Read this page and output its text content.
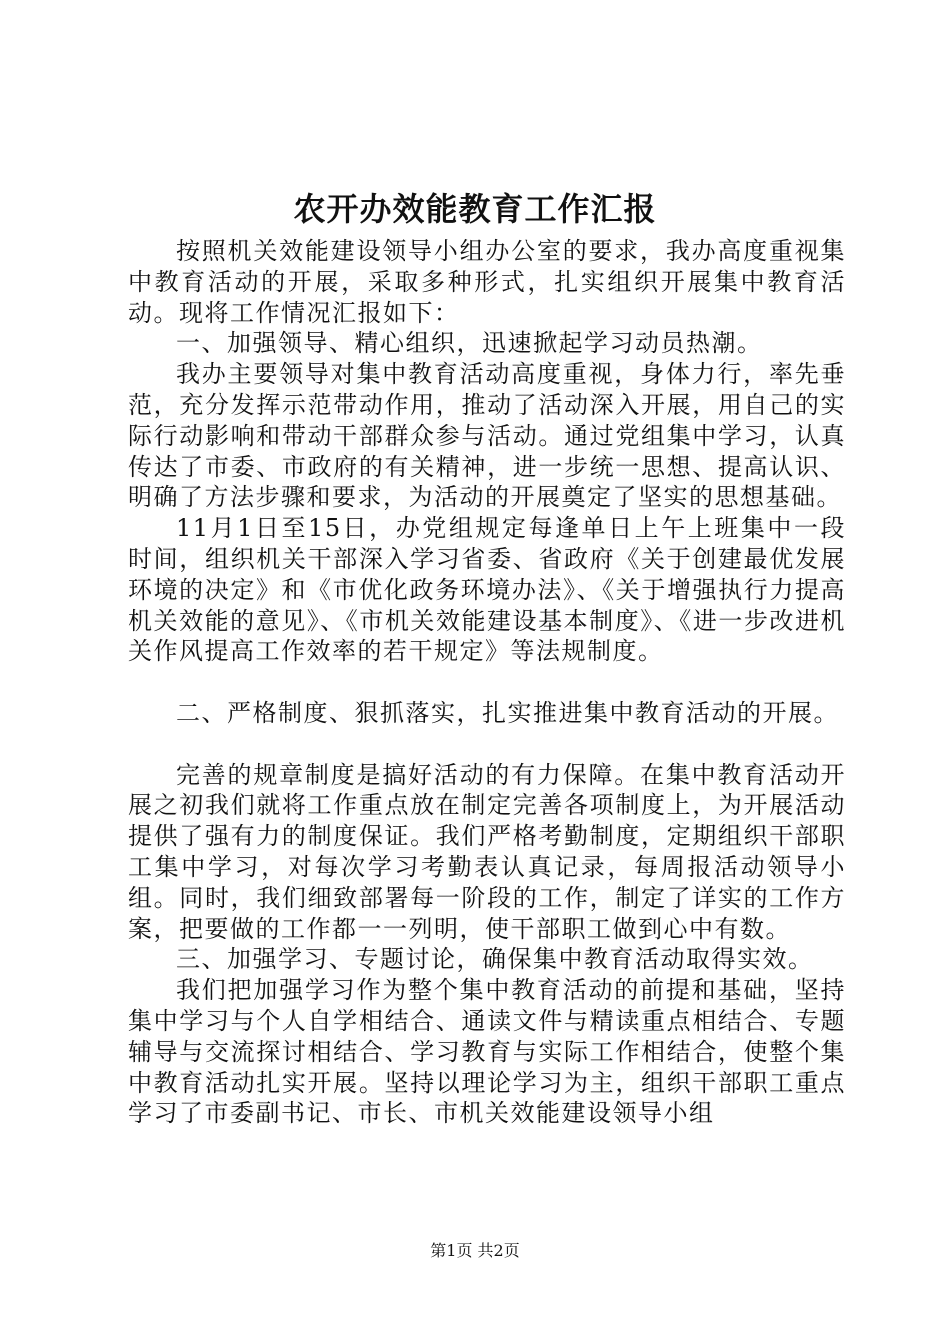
农开办效能教育工作汇报

按照机关效能建设领导小组办公室的要求，我办高度重视集中教育活动的开展，采取多种形式，扎实组织开展集中教育活动。现将工作情况汇报如下：

一、加强领导、精心组织，迅速掀起学习动员热潮。

我办主要领导对集中教育活动高度重视，身体力行，率先垂范，充分发挥示范带动作用，推动了活动深入开展，用自己的实际行动影响和带动干部群众参与活动。通过党组集中学习，认真传达了市委、市政府的有关精神，进一步统一思想、提高认识、明确了方法步骤和要求，为活动的开展奠定了坚实的思想基础。

11月1日至15日，办党组规定每逢单日上午上班集中一段时间，组织机关干部深入学习省委、省政府《关于创建最优发展环境的决定》和《市优化政务环境办法》、《关于增强执行力提高机关效能的意见》、《市机关效能建设基本制度》、《进一步改进机关作风提高工作效率的若干规定》等法规制度。

二、严格制度、狠抓落实，扎实推进集中教育活动的开展。

完善的规章制度是搞好活动的有力保障。在集中教育活动开展之初我们就将工作重点放在制定完善各项制度上，为开展活动提供了强有力的制度保证。我们严格考勤制度，定期组织干部职工集中学习，对每次学习考勤表认真记录，每周报活动领导小组。同时，我们细致部署每一阶段的工作，制定了详实的工作方案，把要做的工作都一一列明，使干部职工做到心中有数。

三、加强学习、专题讨论，确保集中教育活动取得实效。

我们把加强学习作为整个集中教育活动的前提和基础，坚持集中学习与个人自学相结合、通读文件与精读重点相结合、专题辅导与交流探讨相结合、学习教育与实际工作相结合，使整个集中教育活动扎实开展。坚持以理论学习为主，组织干部职工重点学习了市委副书记、市长、市机关效能建设领导小组

第1页 共2页
